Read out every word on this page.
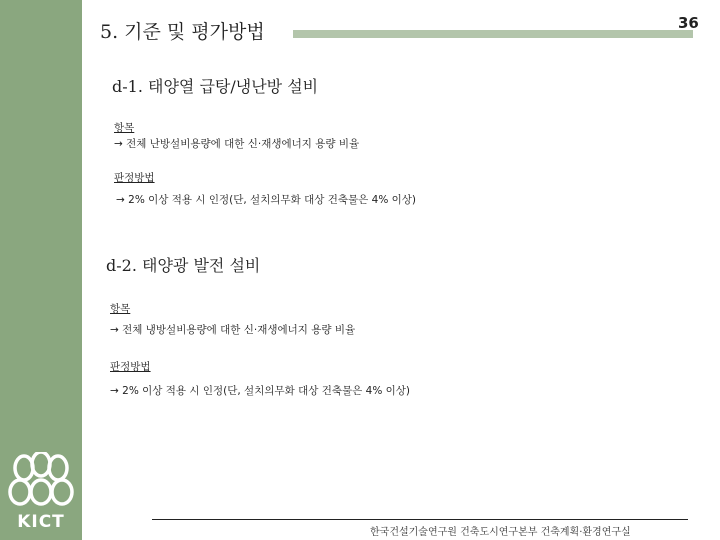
KICT
5. 기준 및 평가방법	36
d-1. 태양열 급탕/냉난방 설비
항목
→ 전체 난방설비용량에 대한 신·재생에너지 용량 비율
판정방법
→ 2% 이상 적용 시 인정(단, 설치의무화 대상 건축물은 4% 이상)
d-2. 태양광 발전 설비
항목
→ 전체 냉방설비용량에 대한 신·재생에너지 용량 비율
판정방법
→ 2% 이상 적용 시 인정(단, 설치의무화 대상 건축물은 4% 이상)
한국건설기술연구원 건축도시연구본부 건축계획·환경연구실
